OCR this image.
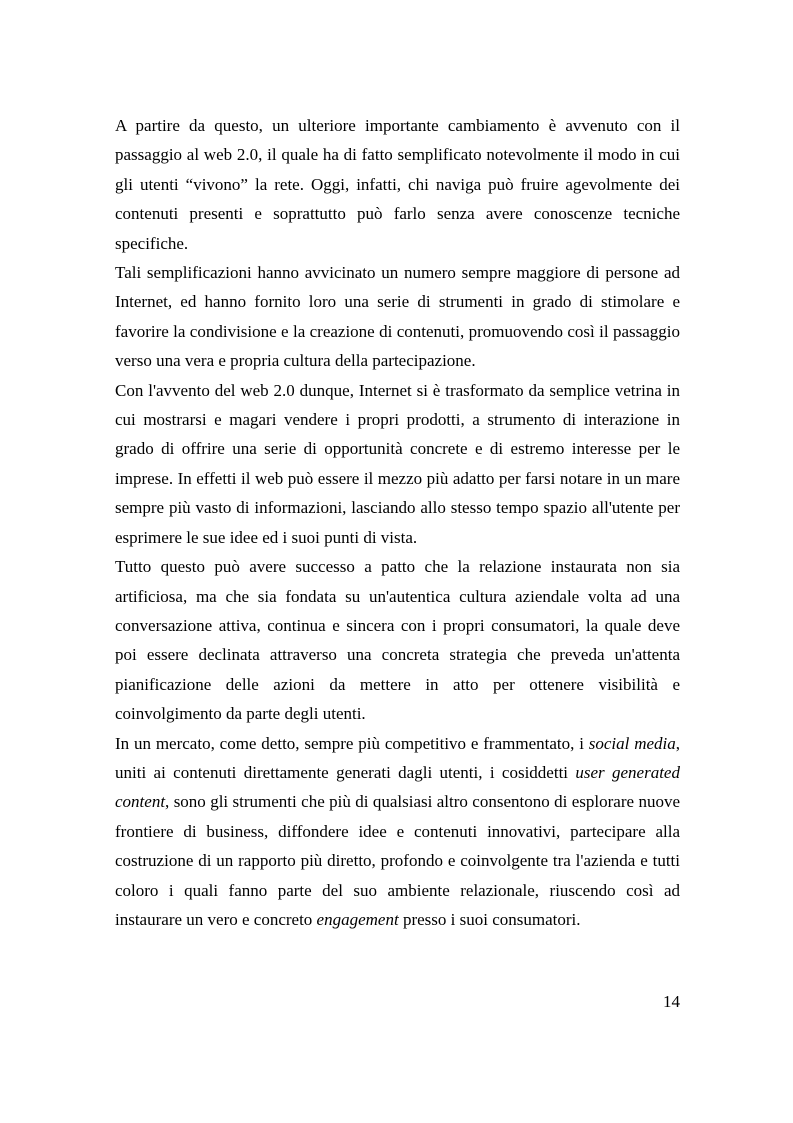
A partire da questo, un ulteriore importante cambiamento è avvenuto con il passaggio al web 2.0, il quale ha di fatto semplificato notevolmente il modo in cui gli utenti “vivono” la rete. Oggi, infatti, chi naviga può fruire agevolmente dei contenuti presenti e soprattutto può farlo senza avere conoscenze tecniche specifiche.

Tali semplificazioni hanno avvicinato un numero sempre maggiore di persone ad Internet, ed hanno fornito loro una serie di strumenti in grado di stimolare e favorire la condivisione e la creazione di contenuti, promuovendo così il passaggio verso una vera e propria cultura della partecipazione.

Con l'avvento del web 2.0 dunque, Internet si è trasformato da semplice vetrina in cui mostrarsi e magari vendere i propri prodotti, a strumento di interazione in grado di offrire una serie di opportunità concrete e di estremo interesse per le imprese. In effetti il web può essere il mezzo più adatto per farsi notare in un mare sempre più vasto di informazioni, lasciando allo stesso tempo spazio all'utente per esprimere le sue idee ed i suoi punti di vista.

Tutto questo può avere successo a patto che la relazione instaurata non sia artificiosa, ma che sia fondata su un'autentica cultura aziendale volta ad una conversazione attiva, continua e sincera con i propri consumatori, la quale deve poi essere declinata attraverso una concreta strategia che preveda un'attenta pianificazione delle azioni da mettere in atto per ottenere visibilità e coinvolgimento da parte degli utenti.

In un mercato, come detto, sempre più competitivo e frammentato, i social media, uniti ai contenuti direttamente generati dagli utenti, i cosiddetti user generated content, sono gli strumenti che più di qualsiasi altro consentono di esplorare nuove frontiere di business, diffondere idee e contenuti innovativi, partecipare alla costruzione di un rapporto più diretto, profondo e coinvolgente tra l'azienda e tutti coloro i quali fanno parte del suo ambiente relazionale, riuscendo così ad instaurare un vero e concreto engagement presso i suoi consumatori.

14
